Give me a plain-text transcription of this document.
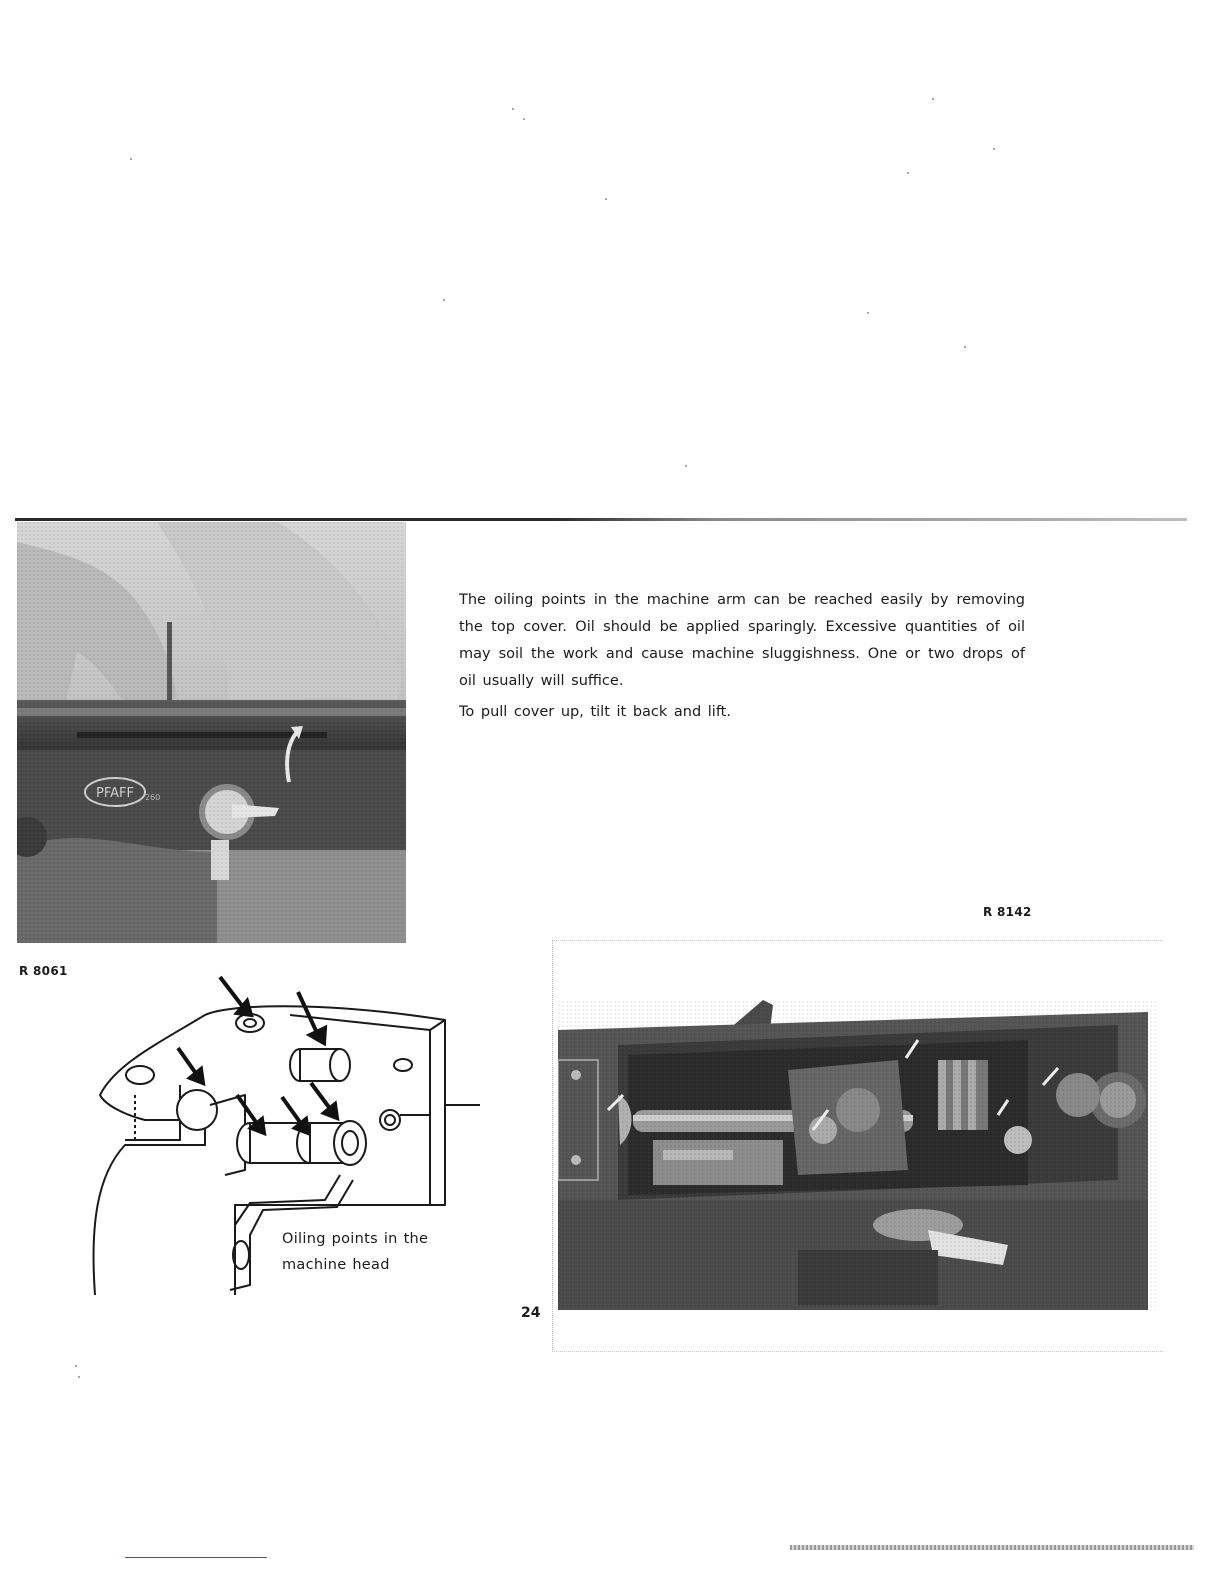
R 8061

The oiling points in the machine arm can be reached easily by removing the top cover. Oil should be applied sparingly. Excessive quantities of oil may soil the work and cause machine sluggishness. One or two drops of oil usually will suffice.

To pull cover up, tilt it back and lift.

Oiling points in the machine head
24
R 8142
